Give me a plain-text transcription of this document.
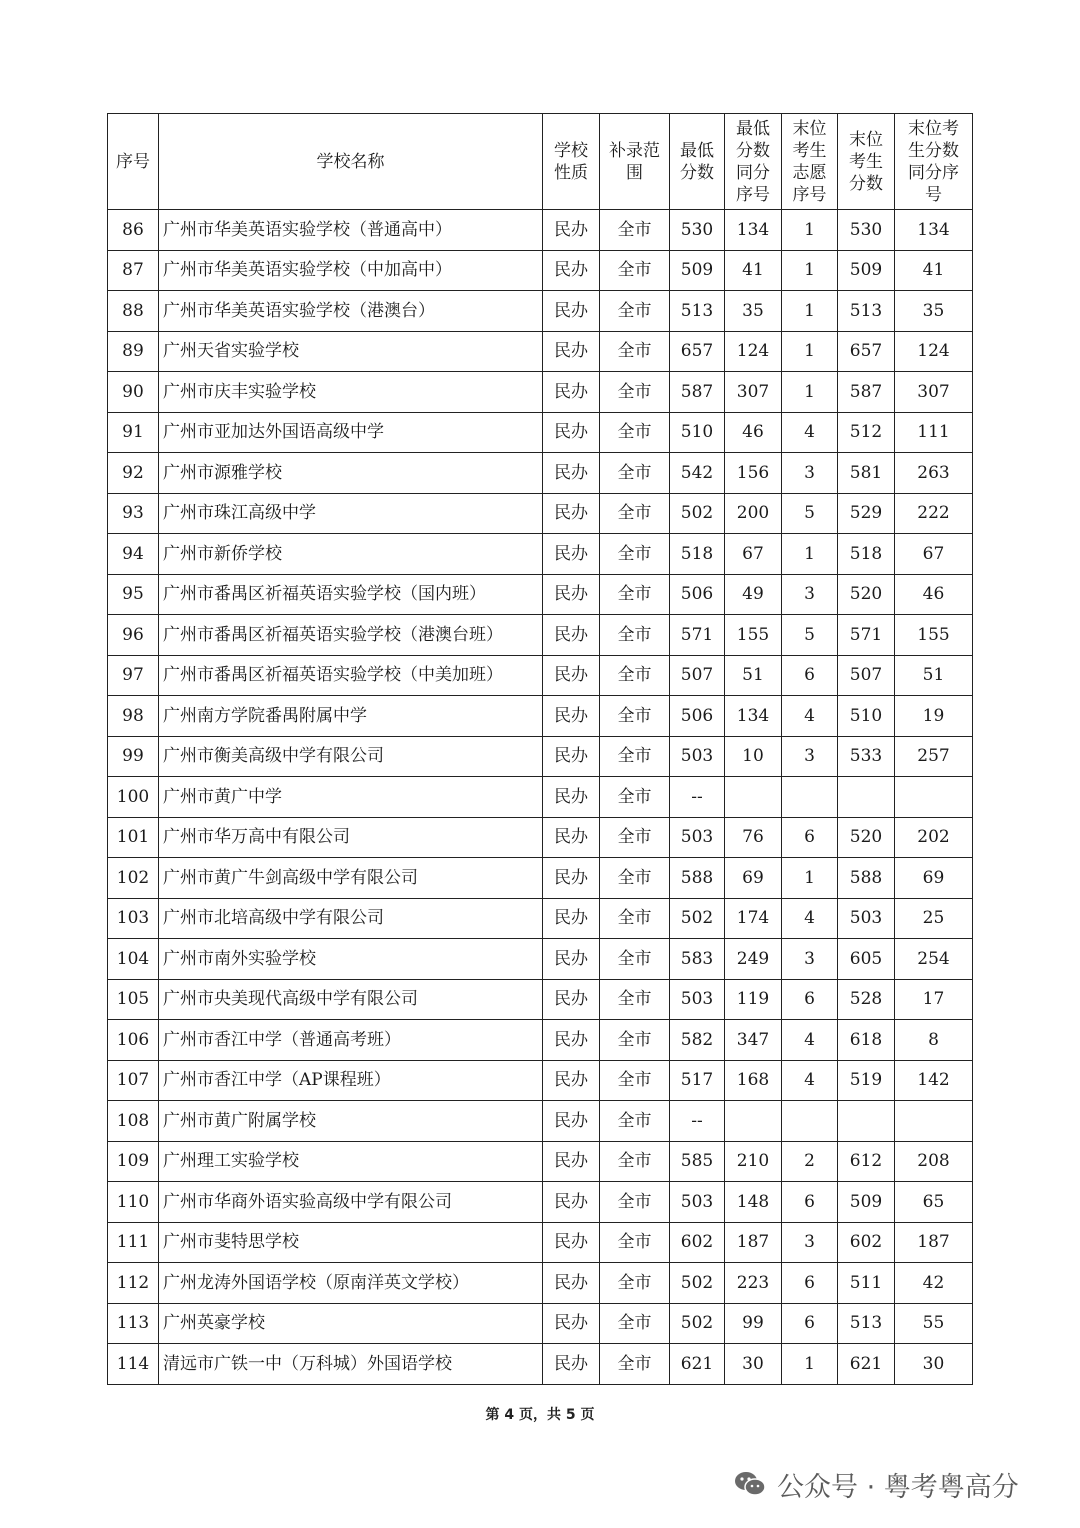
序号	学校名称	学校性质	补录范围	最低分数	最低分数同分序号	末位考生志愿序号	末位考生分数	末位考生分数同分序号
86	广州市华美英语实验学校（普通高中）	民办	全市	530	134	1	530	134
87	广州市华美英语实验学校（中加高中）	民办	全市	509	41	1	509	41
88	广州市华美英语实验学校（港澳台）	民办	全市	513	35	1	513	35
89	广州天省实验学校	民办	全市	657	124	1	657	124
90	广州市庆丰实验学校	民办	全市	587	307	1	587	307
91	广州市亚加达外国语高级中学	民办	全市	510	46	4	512	111
92	广州市源雅学校	民办	全市	542	156	3	581	263
93	广州市珠江高级中学	民办	全市	502	200	5	529	222
94	广州市新侨学校	民办	全市	518	67	1	518	67
95	广州市番禺区祈福英语实验学校（国内班）	民办	全市	506	49	3	520	46
96	广州市番禺区祈福英语实验学校（港澳台班）	民办	全市	571	155	5	571	155
97	广州市番禺区祈福英语实验学校（中美加班）	民办	全市	507	51	6	507	51
98	广州南方学院番禺附属中学	民办	全市	506	134	4	510	19
99	广州市衡美高级中学有限公司	民办	全市	503	10	3	533	257
100	广州市黄广中学	民办	全市	--				
101	广州市华万高中有限公司	民办	全市	503	76	6	520	202
102	广州市黄广牛剑高级中学有限公司	民办	全市	588	69	1	588	69
103	广州市北培高级中学有限公司	民办	全市	502	174	4	503	25
104	广州市南外实验学校	民办	全市	583	249	3	605	254
105	广州市央美现代高级中学有限公司	民办	全市	503	119	6	528	17
106	广州市香江中学（普通高考班）	民办	全市	582	347	4	618	8
107	广州市香江中学（AP课程班）	民办	全市	517	168	4	519	142
108	广州市黄广附属学校	民办	全市	--				
109	广州理工实验学校	民办	全市	585	210	2	612	208
110	广州市华商外语实验高级中学有限公司	民办	全市	503	148	6	509	65
111	广州市斐特思学校	民办	全市	602	187	3	602	187
112	广州龙涛外国语学校（原南洋英文学校）	民办	全市	502	223	6	511	42
113	广州英豪学校	民办	全市	502	99	6	513	55
114	清远市广铁一中（万科城）外国语学校	民办	全市	621	30	1	621	30
第 4 页，共 5 页
公众号 · 粤考粤高分
